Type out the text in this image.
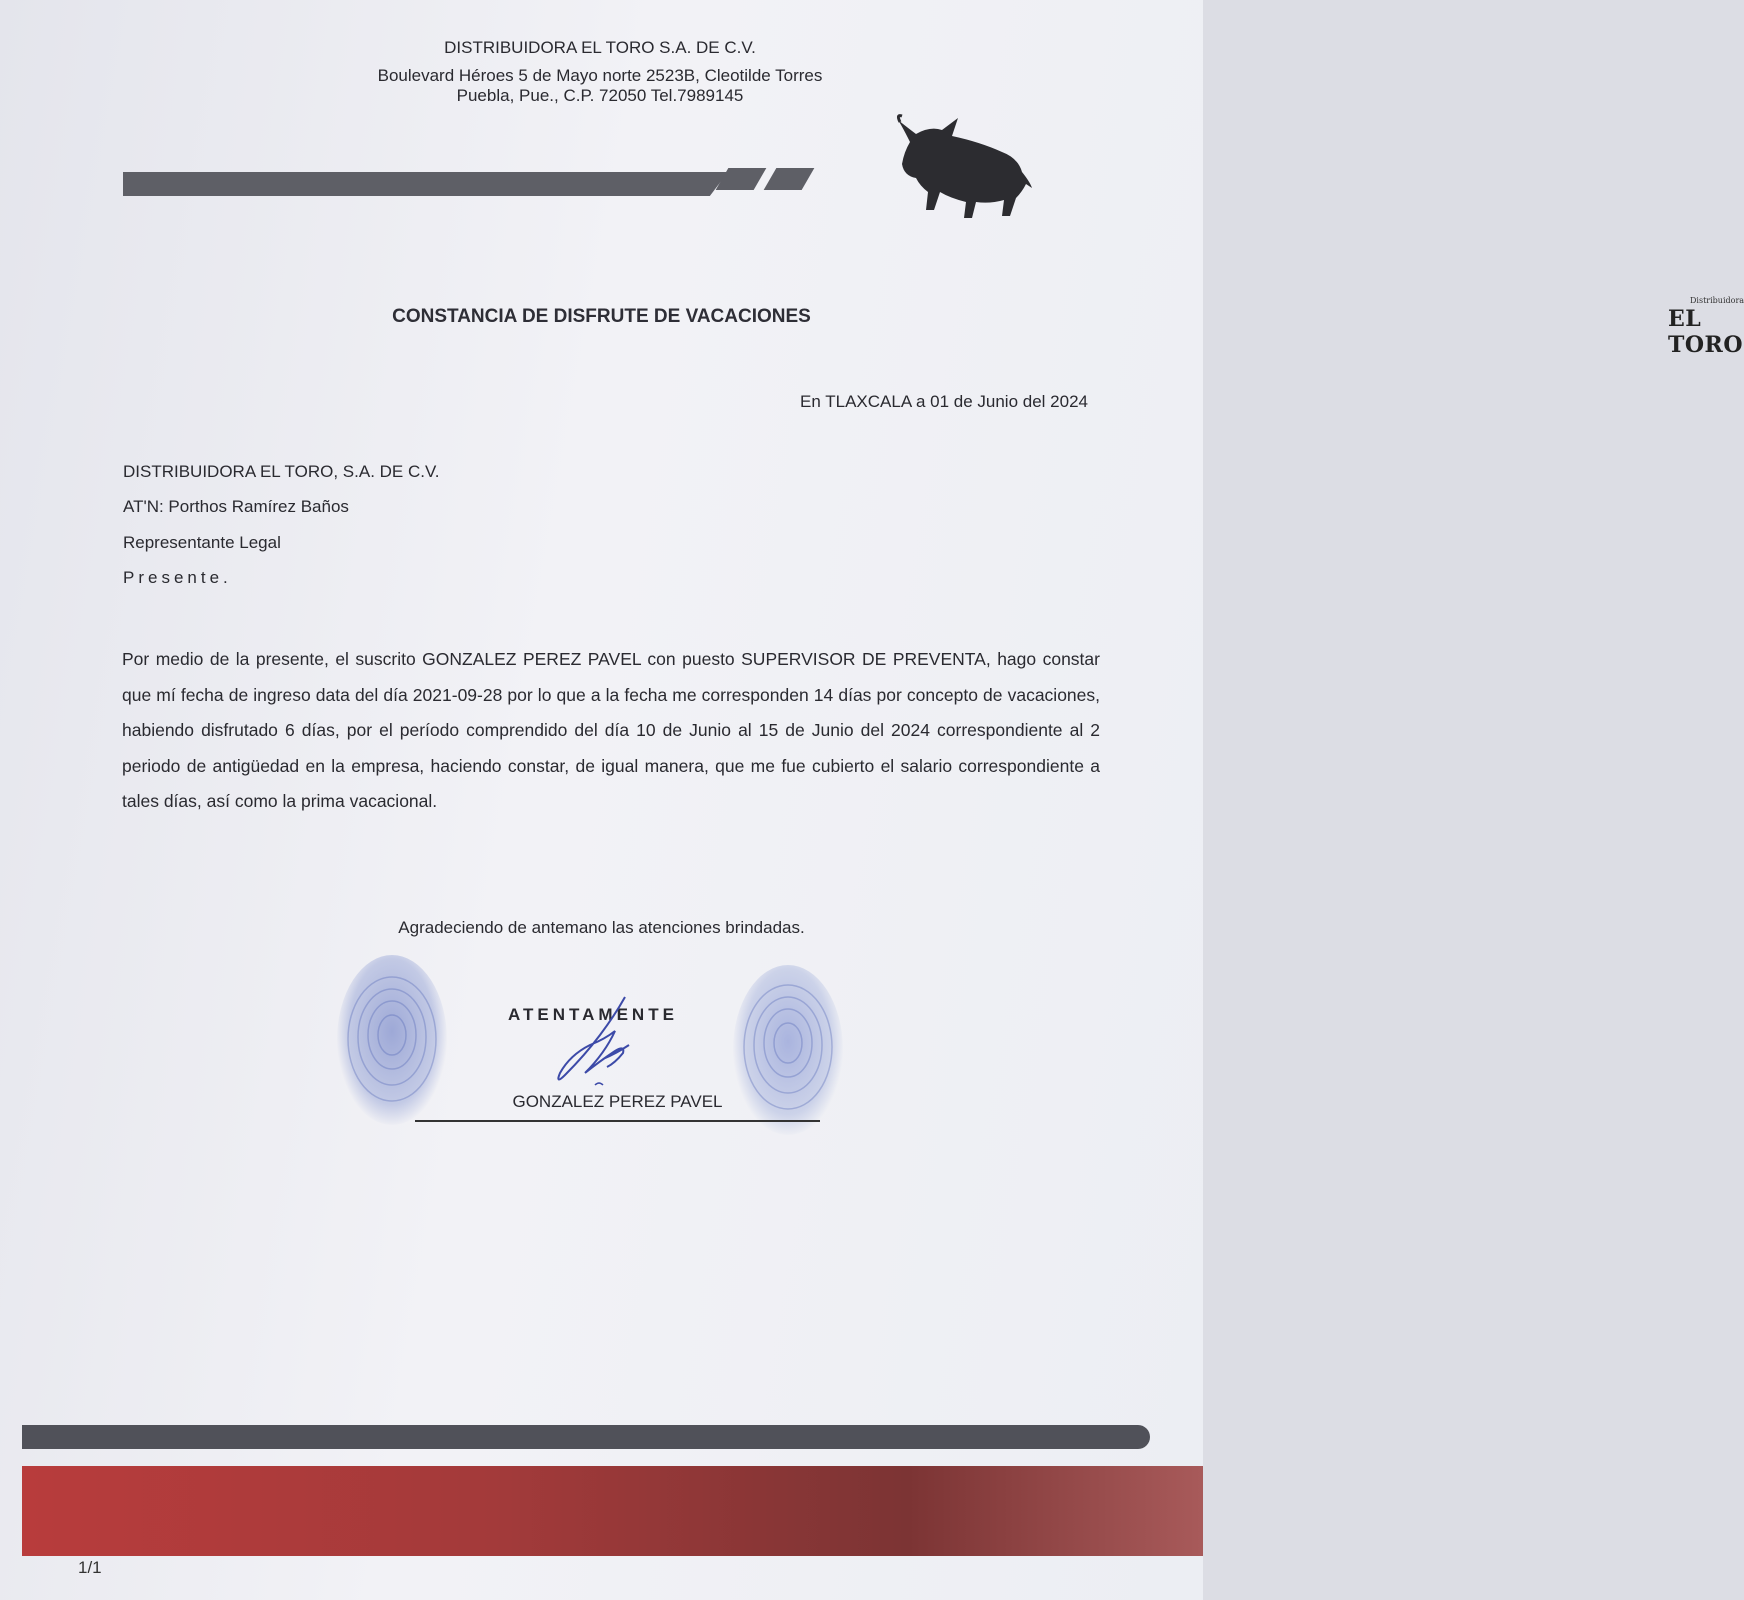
DISTRIBUIDORA EL TORO S.A. DE C.V.
Boulevard Héroes 5 de Mayo norte 2523B, Cleotilde Torres
Puebla, Pue., C.P. 72050 Tel.7989145
Distribuidora
EL TORO
CONSTANCIA DE DISFRUTE DE VACACIONES
En TLAXCALA a 01 de Junio del 2024
DISTRIBUIDORA EL TORO, S.A. DE C.V.
AT'N: Porthos Ramírez Baños
Representante Legal
Presente.
Por medio de la presente, el suscrito GONZALEZ PEREZ PAVEL con puesto SUPERVISOR DE PREVENTA, hago constar que mí fecha de ingreso data del día 2021-09-28 por lo que a la fecha me corresponden 14 días por concepto de vacaciones, habiendo disfrutado 6 días, por el período comprendido del día 10 de Junio al 15 de Junio del 2024 correspondiente al 2 periodo de antigüedad en la empresa, haciendo constar, de igual manera, que me fue cubierto el salario correspondiente a tales días, así como la prima vacacional.
Agradeciendo de antemano las atenciones brindadas.
ATENTAMENTE
GONZALEZ PEREZ PAVEL
1/1
